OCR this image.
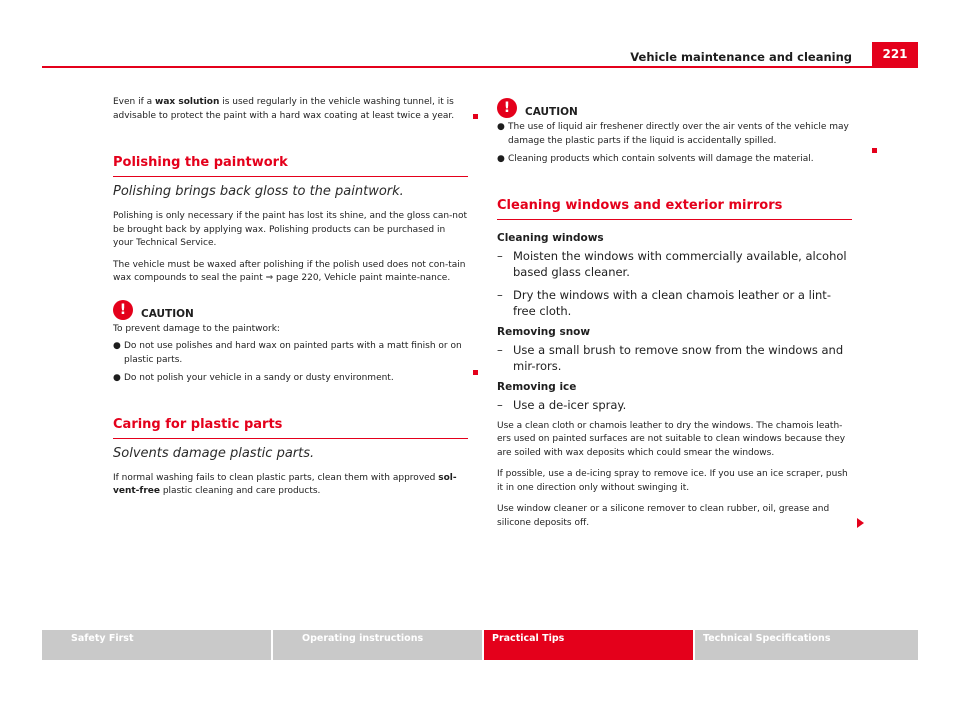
Vehicle maintenance and cleaning	221

Even if a wax solution is used regularly in the vehicle washing tunnel, it is advisable to protect the paint with a hard wax coating at least twice a year.

Polishing the paintwork
Polishing brings back gloss to the paintwork.

Polishing is only necessary if the paint has lost its shine, and the gloss can-not be brought back by applying wax. Polishing products can be purchased in your Technical Service.

The vehicle must be waxed after polishing if the polish used does not con-tain wax compounds to seal the paint ⇒ page 220, Vehicle paint mainte-nance.

!	CAUTION

To prevent damage to the paintwork:

● Do not use polishes and hard wax on painted parts with a matt finish or on plastic parts.
● Do not polish your vehicle in a sandy or dusty environment.
Caring for plastic parts
Solvents damage plastic parts.

If normal washing fails to clean plastic parts, clean them with approved sol-vent-free plastic cleaning and care products.

!	CAUTION
● The use of liquid air freshener directly over the air vents of the vehicle may damage the plastic parts if the liquid is accidentally spilled.
● Cleaning products which contain solvents will damage the material.
Cleaning windows and exterior mirrors
Cleaning windows
– Moisten the windows with commercially available, alcohol based glass cleaner.
– Dry the windows with a clean chamois leather or a lint-free cloth.
Removing snow
– Use a small brush to remove snow from the windows and mir-rors.
Removing ice
– Use a de-icer spray.

Use a clean cloth or chamois leather to dry the windows. The chamois leath-ers used on painted surfaces are not suitable to clean windows because they are soiled with wax deposits which could smear the windows.

If possible, use a de-icing spray to remove ice. If you use an ice scraper, push it in one direction only without swinging it.

Use window cleaner or a silicone remover to clean rubber, oil, grease and silicone deposits off.

Safety First	Operating instructions	Practical Tips	Technical Specifications
